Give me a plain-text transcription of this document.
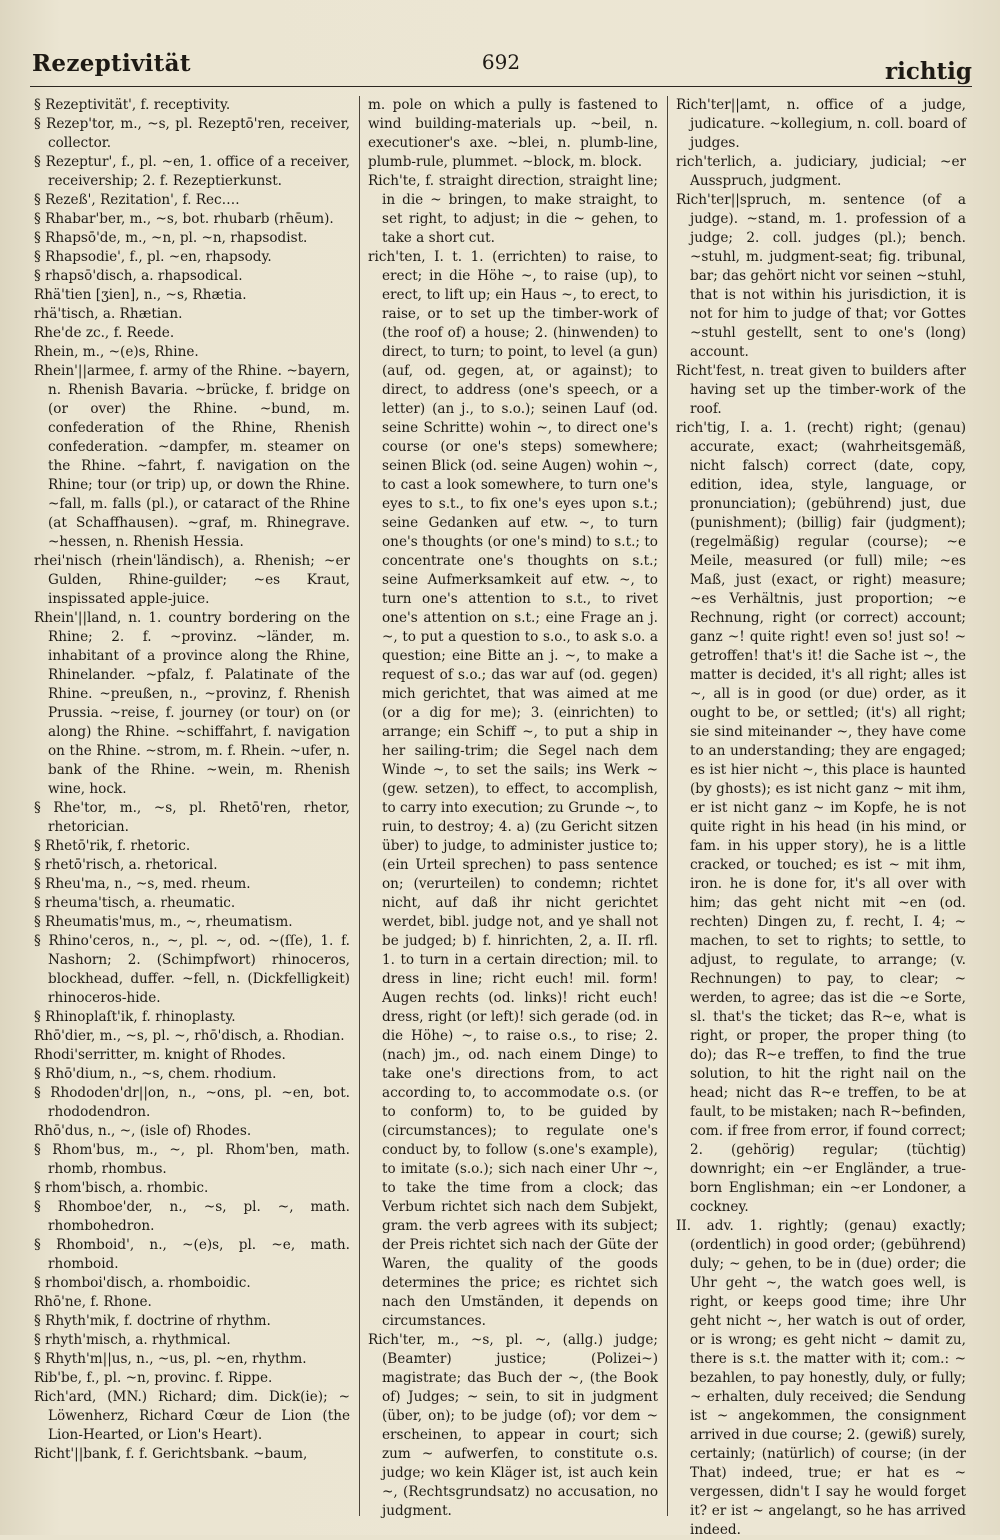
Rezeptivität	692	richtig
§ Rezeptivität', f. receptivity.
§ Rezep'tor, m., ~s, pl. Rezeptō'ren, receiver, collector.
§ Rezeptur', f., pl. ~en, 1. office of a receiver, receivership; 2. f. Rezeptierkunst.
§ Rezeß', Rezitation', f. Rec….
§ Rhabar'ber, m., ~s, bot. rhubarb (rhēum).
§ Rhapsō'de, m., ~n, pl. ~n, rhapsodist.
§ Rhapsodie', f., pl. ~en, rhapsody.
§ rhapsō'disch, a. rhapsodical.
Rhä'tien [ʒien], n., ~s, Rhætia.
rhä'tisch, a. Rhætian.
Rhe'de zc., f. Reede.
Rhein, m., ~(e)s, Rhine.
Rhein'||armee, f. army of the Rhine. ~bayern, n. Rhenish Bavaria. ~brücke, f. bridge on (or over) the Rhine. ~bund, m. confederation of the Rhine, Rhenish confederation. ~dampfer, m. steamer on the Rhine. ~fahrt, f. navigation on the Rhine; tour (or trip) up, or down the Rhine. ~fall, m. falls (pl.), or cataract of the Rhine (at Schaffhausen). ~graf, m. Rhinegrave. ~hessen, n. Rhenish Hessia.
rhei'nisch (rhein'ländisch), a. Rhenish; ~er Gulden, Rhine-guilder; ~es Kraut, inspissated apple-juice.
Rhein'||land, n. 1. country bordering on the Rhine; 2. f. ~provinz. ~länder, m. inhabitant of a province along the Rhine, Rhinelander. ~pfalz, f. Palatinate of the Rhine. ~preußen, n., ~provinz, f. Rhenish Prussia. ~reise, f. journey (or tour) on (or along) the Rhine. ~schiffahrt, f. navigation on the Rhine. ~strom, m. f. Rhein. ~ufer, n. bank of the Rhine. ~wein, m. Rhenish wine, hock.
§ Rhe'tor, m., ~s, pl. Rhetō'ren, rhetor, rhetorician.
§ Rhetō'rik, f. rhetoric.
§ rhetō'risch, a. rhetorical.
§ Rheu'ma, n., ~s, med. rheum.
§ rheuma'tisch, a. rheumatic.
§ Rheumatis'mus, m., ~, rheumatism.
§ Rhino'ceros, n., ~, pl. ~, od. ~(ſſe), 1. f. Nashorn; 2. (Schimpfwort) rhinoceros, blockhead, duffer. ~fell, n. (Dickfelligkeit) rhinoceros-hide.
§ Rhinoplaſt'ik, f. rhinoplasty.
Rhō'dier, m., ~s, pl. ~, rhō'disch, a. Rhodian.
Rhodi'serritter, m. knight of Rhodes.
§ Rhō'dium, n., ~s, chem. rhodium.
§ Rhododen'dr||on, n., ~ons, pl. ~en, bot. rhododendron.
Rhō'dus, n., ~, (isle of) Rhodes.
§ Rhom'bus, m., ~, pl. Rhom'ben, math. rhomb, rhombus.
§ rhom'bisch, a. rhombic.
§ Rhomboe'der, n., ~s, pl. ~, math. rhombohedron.
§ Rhomboid', n., ~(e)s, pl. ~e, math. rhomboid.
§ rhomboi'disch, a. rhomboidic.
Rhō'ne, f. Rhone.
§ Rhyth'mik, f. doctrine of rhythm.
§ rhyth'misch, a. rhythmical.
§ Rhyth'm||us, n., ~us, pl. ~en, rhythm.
Rib'be, f., pl. ~n, provinc. f. Rippe.
Rich'ard, (MN.) Richard; dim. Dick(ie); ~ Löwenherz, Richard Cœur de Lion (the Lion-Hearted, or Lion's Heart).
Richt'||bank, f. f. Gerichtsbank. ~baum,
m. pole on which a pully is fastened to wind building-materials up. ~beil, n. executioner's axe. ~blei, n. plumb-line, plumb-rule, plummet. ~block, m. block.
Rich'te, f. straight direction, straight line; in die ~ bringen, to make straight, to set right, to adjust; in die ~ gehen, to take a short cut.
rich'ten, I. t. 1. (errichten) to raise, to erect; in die Höhe ~, to raise (up), to erect, to lift up; ein Haus ~, to erect, to raise, or to set up the timber-work of (the roof of) a house; 2. (hinwenden) to direct, to turn; to point, to level (a gun) (auf, od. gegen, at, or against); to direct, to address (one's speech, or a letter) (an j., to s.o.); seinen Lauf (od. seine Schritte) wohin ~, to direct one's course (or one's steps) somewhere; seinen Blick (od. seine Augen) wohin ~, to cast a look somewhere, to turn one's eyes to s.t., to fix one's eyes upon s.t.; seine Gedanken auf etw. ~, to turn one's thoughts (or one's mind) to s.t.; to concentrate one's thoughts on s.t.; seine Aufmerksamkeit auf etw. ~, to turn one's attention to s.t., to rivet one's attention on s.t.; eine Frage an j. ~, to put a question to s.o., to ask s.o. a question; eine Bitte an j. ~, to make a request of s.o.; das war auf (od. gegen) mich gerichtet, that was aimed at me (or a dig for me); 3. (einrichten) to arrange; ein Schiff ~, to put a ship in her sailing-trim; die Segel nach dem Winde ~, to set the sails; ins Werk ~ (gew. setzen), to effect, to accomplish, to carry into execution; zu Grunde ~, to ruin, to destroy; 4. a) (zu Gericht sitzen über) to judge, to administer justice to; (ein Urteil sprechen) to pass sentence on; (verurteilen) to condemn; richtet nicht, auf daß ihr nicht gerichtet werdet, bibl. judge not, and ye shall not be judged; b) f. hinrichten, 2, a. II. rfl. 1. to turn in a certain direction; mil. to dress in line; richt euch! mil. form! Augen rechts (od. links)! richt euch! dress, right (or left)! sich gerade (od. in die Höhe) ~, to raise o.s., to rise; 2. (nach) jm., od. nach einem Dinge) to take one's directions from, to act according to, to accommodate o.s. (or to conform) to, to be guided by (circumstances); to regulate one's conduct by, to follow (s.one's example), to imitate (s.o.); sich nach einer Uhr ~, to take the time from a clock; das Verbum richtet sich nach dem Subjekt, gram. the verb agrees with its subject; der Preis richtet sich nach der Güte der Waren, the quality of the goods determines the price; es richtet sich nach den Umständen, it depends on circumstances.
Rich'ter, m., ~s, pl. ~, (allg.) judge; (Beamter) justice; (Polizei~) magistrate; das Buch der ~, (the Book of) Judges; ~ sein, to sit in judgment (über, on); to be judge (of); vor dem ~ erscheinen, to appear in court; sich zum ~ aufwerfen, to constitute o.s. judge; wo kein Kläger ist, ist auch kein ~, (Rechtsgrundsatz) no accusation, no judgment.
Rich'ter||amt, n. office of a judge, judicature. ~kollegium, n. coll. board of judges.
rich'terlich, a. judiciary, judicial; ~er Ausspruch, judgment.
Rich'ter||spruch, m. sentence (of a judge). ~stand, m. 1. profession of a judge; 2. coll. judges (pl.); bench. ~stuhl, m. judgment-seat; fig. tribunal, bar; das gehört nicht vor seinen ~stuhl, that is not within his jurisdiction, it is not for him to judge of that; vor Gottes ~stuhl gestellt, sent to one's (long) account.
Richt'fest, n. treat given to builders after having set up the timber-work of the roof.
rich'tig, I. a. 1. (recht) right; (genau) accurate, exact; (wahrheitsgemäß, nicht falsch) correct (date, copy, edition, idea, style, language, or pronunciation); (gebührend) just, due (punishment); (billig) fair (judgment); (regelmäßig) regular (course); ~e Meile, measured (or full) mile; ~es Maß, just (exact, or right) measure; ~es Verhältnis, just proportion; ~e Rechnung, right (or correct) account; ganz ~! quite right! even so! just so! ~ getroffen! that's it! die Sache ist ~, the matter is decided, it's all right; alles ist ~, all is in good (or due) order, as it ought to be, or settled; (it's) all right; sie sind miteinander ~, they have come to an understanding; they are engaged; es ist hier nicht ~, this place is haunted (by ghosts); es ist nicht ganz ~ mit ihm, er ist nicht ganz ~ im Kopfe, he is not quite right in his head (in his mind, or fam. in his upper story), he is a little cracked, or touched; es ist ~ mit ihm, iron. he is done for, it's all over with him; das geht nicht mit ~en (od. rechten) Dingen zu, f. recht, I. 4; ~ machen, to set to rights; to settle, to adjust, to regulate, to arrange; (v. Rechnungen) to pay, to clear; ~ werden, to agree; das ist die ~e Sorte, sl. that's the ticket; das R~e, what is right, or proper, the proper thing (to do); das R~e treffen, to find the true solution, to hit the right nail on the head; nicht das R~e treffen, to be at fault, to be mistaken; nach R~befinden, com. if free from error, if found correct; 2. (gehörig) regular; (tüchtig) downright; ein ~er Engländer, a true-born Englishman; ein ~er Londoner, a cockney.
II. adv. 1. rightly; (genau) exactly; (ordentlich) in good order; (gebührend) duly; ~ gehen, to be in (due) order; die Uhr geht ~, the watch goes well, is right, or keeps good time; ihre Uhr geht nicht ~, her watch is out of order, or is wrong; es geht nicht ~ damit zu, there is s.t. the matter with it; com.: ~ bezahlen, to pay honestly, duly, or fully; ~ erhalten, duly received; die Sendung ist ~ angekommen, the consignment arrived in due course; 2. (gewiß) surely, certainly; (natürlich) of course; (in der That) indeed, true; er hat es ~ vergessen, didn't I say he would forget it? er ist ~ angelangt, so he has arrived indeed.
